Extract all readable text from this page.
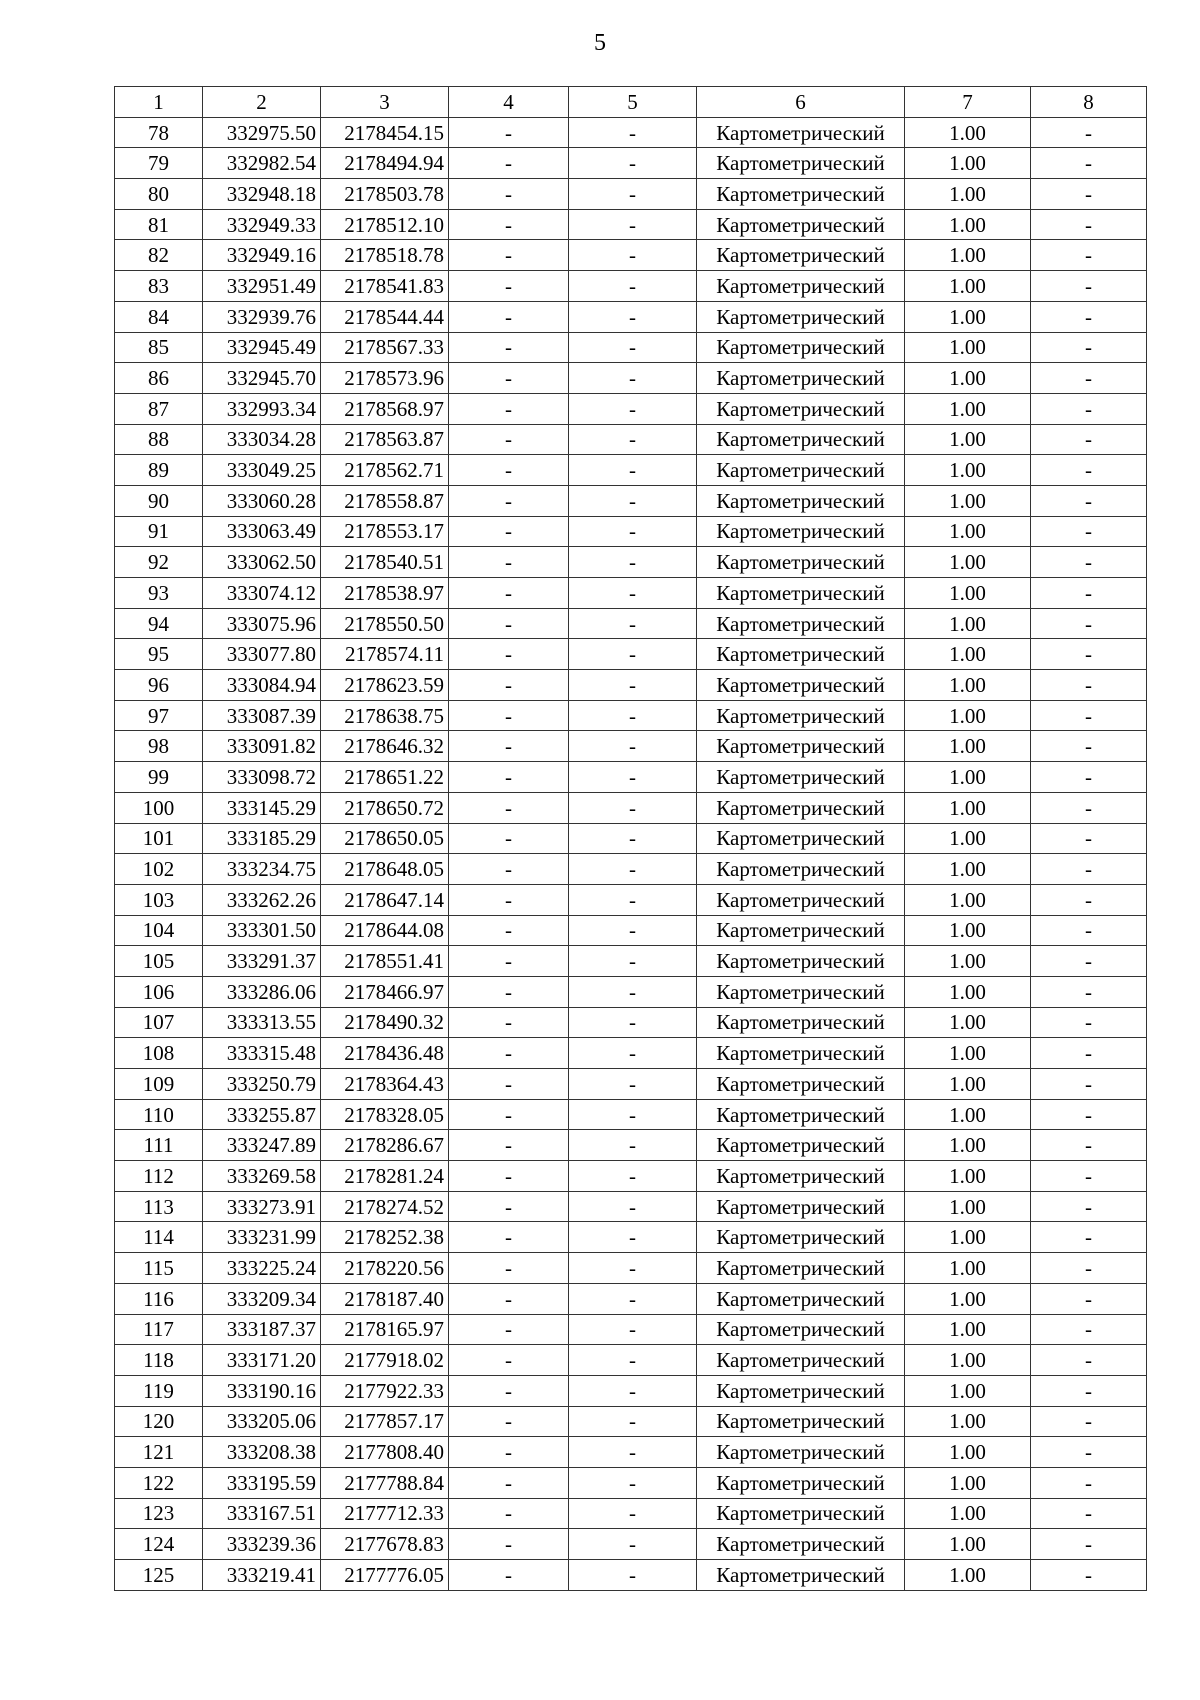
5
1	2	3	4	5	6	7	8
78	332975.50	2178454.15	-	-	Картометрический	1.00	-
79	332982.54	2178494.94	-	-	Картометрический	1.00	-
80	332948.18	2178503.78	-	-	Картометрический	1.00	-
81	332949.33	2178512.10	-	-	Картометрический	1.00	-
82	332949.16	2178518.78	-	-	Картометрический	1.00	-
83	332951.49	2178541.83	-	-	Картометрический	1.00	-
84	332939.76	2178544.44	-	-	Картометрический	1.00	-
85	332945.49	2178567.33	-	-	Картометрический	1.00	-
86	332945.70	2178573.96	-	-	Картометрический	1.00	-
87	332993.34	2178568.97	-	-	Картометрический	1.00	-
88	333034.28	2178563.87	-	-	Картометрический	1.00	-
89	333049.25	2178562.71	-	-	Картометрический	1.00	-
90	333060.28	2178558.87	-	-	Картометрический	1.00	-
91	333063.49	2178553.17	-	-	Картометрический	1.00	-
92	333062.50	2178540.51	-	-	Картометрический	1.00	-
93	333074.12	2178538.97	-	-	Картометрический	1.00	-
94	333075.96	2178550.50	-	-	Картометрический	1.00	-
95	333077.80	2178574.11	-	-	Картометрический	1.00	-
96	333084.94	2178623.59	-	-	Картометрический	1.00	-
97	333087.39	2178638.75	-	-	Картометрический	1.00	-
98	333091.82	2178646.32	-	-	Картометрический	1.00	-
99	333098.72	2178651.22	-	-	Картометрический	1.00	-
100	333145.29	2178650.72	-	-	Картометрический	1.00	-
101	333185.29	2178650.05	-	-	Картометрический	1.00	-
102	333234.75	2178648.05	-	-	Картометрический	1.00	-
103	333262.26	2178647.14	-	-	Картометрический	1.00	-
104	333301.50	2178644.08	-	-	Картометрический	1.00	-
105	333291.37	2178551.41	-	-	Картометрический	1.00	-
106	333286.06	2178466.97	-	-	Картометрический	1.00	-
107	333313.55	2178490.32	-	-	Картометрический	1.00	-
108	333315.48	2178436.48	-	-	Картометрический	1.00	-
109	333250.79	2178364.43	-	-	Картометрический	1.00	-
110	333255.87	2178328.05	-	-	Картометрический	1.00	-
111	333247.89	2178286.67	-	-	Картометрический	1.00	-
112	333269.58	2178281.24	-	-	Картометрический	1.00	-
113	333273.91	2178274.52	-	-	Картометрический	1.00	-
114	333231.99	2178252.38	-	-	Картометрический	1.00	-
115	333225.24	2178220.56	-	-	Картометрический	1.00	-
116	333209.34	2178187.40	-	-	Картометрический	1.00	-
117	333187.37	2178165.97	-	-	Картометрический	1.00	-
118	333171.20	2177918.02	-	-	Картометрический	1.00	-
119	333190.16	2177922.33	-	-	Картометрический	1.00	-
120	333205.06	2177857.17	-	-	Картометрический	1.00	-
121	333208.38	2177808.40	-	-	Картометрический	1.00	-
122	333195.59	2177788.84	-	-	Картометрический	1.00	-
123	333167.51	2177712.33	-	-	Картометрический	1.00	-
124	333239.36	2177678.83	-	-	Картометрический	1.00	-
125	333219.41	2177776.05	-	-	Картометрический	1.00	-
